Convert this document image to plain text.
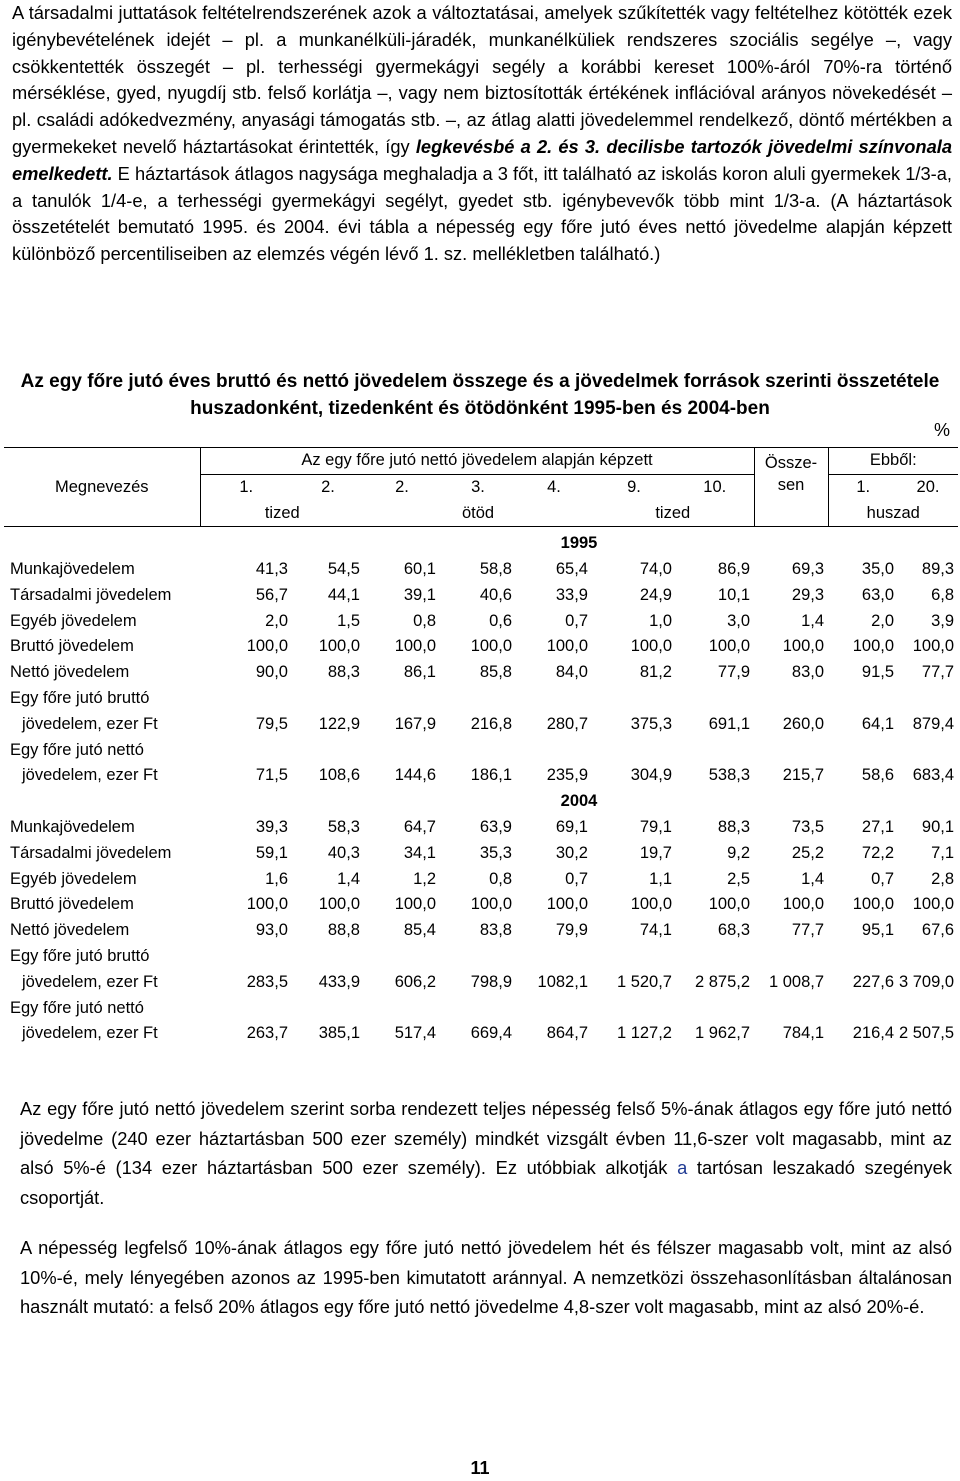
A társadalmi juttatások feltételrendszerének azok a változtatásai, amelyek szűkítették vagy feltételhez kötötték ezek igénybevételének idejét – pl. a munkanélküli-járadék, munkanélküliek rendszeres szociális segélye –, vagy csökkentették összegét – pl. terhességi gyermekágyi segély a korábbi kereset 100%-áról 70%-ra történő mérséklése, gyed, nyugdíj stb. felső korlátja –, vagy nem biztosították értékének inflációval arányos növekedését – pl. családi adókedvezmény, anyasági támogatás stb. –, az átlag alatti jövedelemmel rendelkező, döntő mértékben a gyermekeket nevelő háztartásokat érintették, így legkevésbé a 2. és 3. decilisbe tartozók jövedelmi színvonala emelkedett. E háztartások átlagos nagysága meghaladja a 3 főt, itt található az iskolás koron aluli gyermekek 1/3-a, a tanulók 1/4-e, a terhességi gyermekágyi segélyt, gyedet stb. igénybevevők több mint 1/3-a. (A háztartások összetételét bemutató 1995. és 2004. évi tábla a népesség egy főre jutó éves nettó jövedelme alapján képzett különböző percentiliseiben az elemzés végén lévő 1. sz. mellékletben található.)
Az egy főre jutó éves bruttó és nettó jövedelem összege és a jövedelmek források szerinti összetétele huszadonként, tizedenként és ötödönként 1995-ben és 2004-ben
%
	Az egy főre jutó nettó jövedelem alapján képzett							Össze-sen	Ebből:	
Megnevezés	1.	2.	2.	3.	4.	9.	10.		1.	20.
	tized		ötöd			tized			huszad	
	1995									
Munkajövedelem	41,3	54,5	60,1	58,8	65,4	74,0	86,9	69,3	35,0	89,3
Társadalmi jövedelem	56,7	44,1	39,1	40,6	33,9	24,9	10,1	29,3	63,0	6,8
Egyéb jövedelem	2,0	1,5	0,8	0,6	0,7	1,0	3,0	1,4	2,0	3,9
Bruttó jövedelem	100,0	100,0	100,0	100,0	100,0	100,0	100,0	100,0	100,0	100,0
Nettó jövedelem	90,0	88,3	86,1	85,8	84,0	81,2	77,9	83,0	91,5	77,7
Egy főre jutó bruttó										
jövedelem, ezer Ft	79,5	122,9	167,9	216,8	280,7	375,3	691,1	260,0	64,1	879,4
Egy főre jutó nettó										
jövedelem, ezer Ft	71,5	108,6	144,6	186,1	235,9	304,9	538,3	215,7	58,6	683,4
	2004									
Munkajövedelem	39,3	58,3	64,7	63,9	69,1	79,1	88,3	73,5	27,1	90,1
Társadalmi jövedelem	59,1	40,3	34,1	35,3	30,2	19,7	9,2	25,2	72,2	7,1
Egyéb jövedelem	1,6	1,4	1,2	0,8	0,7	1,1	2,5	1,4	0,7	2,8
Bruttó jövedelem	100,0	100,0	100,0	100,0	100,0	100,0	100,0	100,0	100,0	100,0
Nettó jövedelem	93,0	88,8	85,4	83,8	79,9	74,1	68,3	77,7	95,1	67,6
Egy főre jutó bruttó										
jövedelem, ezer Ft	283,5	433,9	606,2	798,9	1082,1	1 520,7	2 875,2	1 008,7	227,6	3 709,0
Egy főre jutó nettó										
jövedelem, ezer Ft	263,7	385,1	517,4	669,4	864,7	1 127,2	1 962,7	784,1	216,4	2 507,5
Az egy főre jutó nettó jövedelem szerint sorba rendezett teljes népesség felső 5%-ának átlagos egy főre jutó nettó jövedelme (240 ezer háztartásban 500 ezer személy) mindkét vizsgált évben 11,6-szer volt magasabb, mint az alsó 5%-é (134 ezer háztartásban 500 ezer személy). Ez utóbbiak alkotják a tartósan leszakadó szegények csoportját.
A népesség legfelső 10%-ának átlagos egy főre jutó nettó jövedelem hét és félszer magasabb volt, mint az alsó 10%-é, mely lényegében azonos az 1995-ben kimutatott aránnyal. A nemzetközi összehasonlításban általánosan használt mutató: a felső 20% átlagos egy főre jutó nettó jövedelme 4,8-szer volt magasabb, mint az alsó 20%-é.
11
